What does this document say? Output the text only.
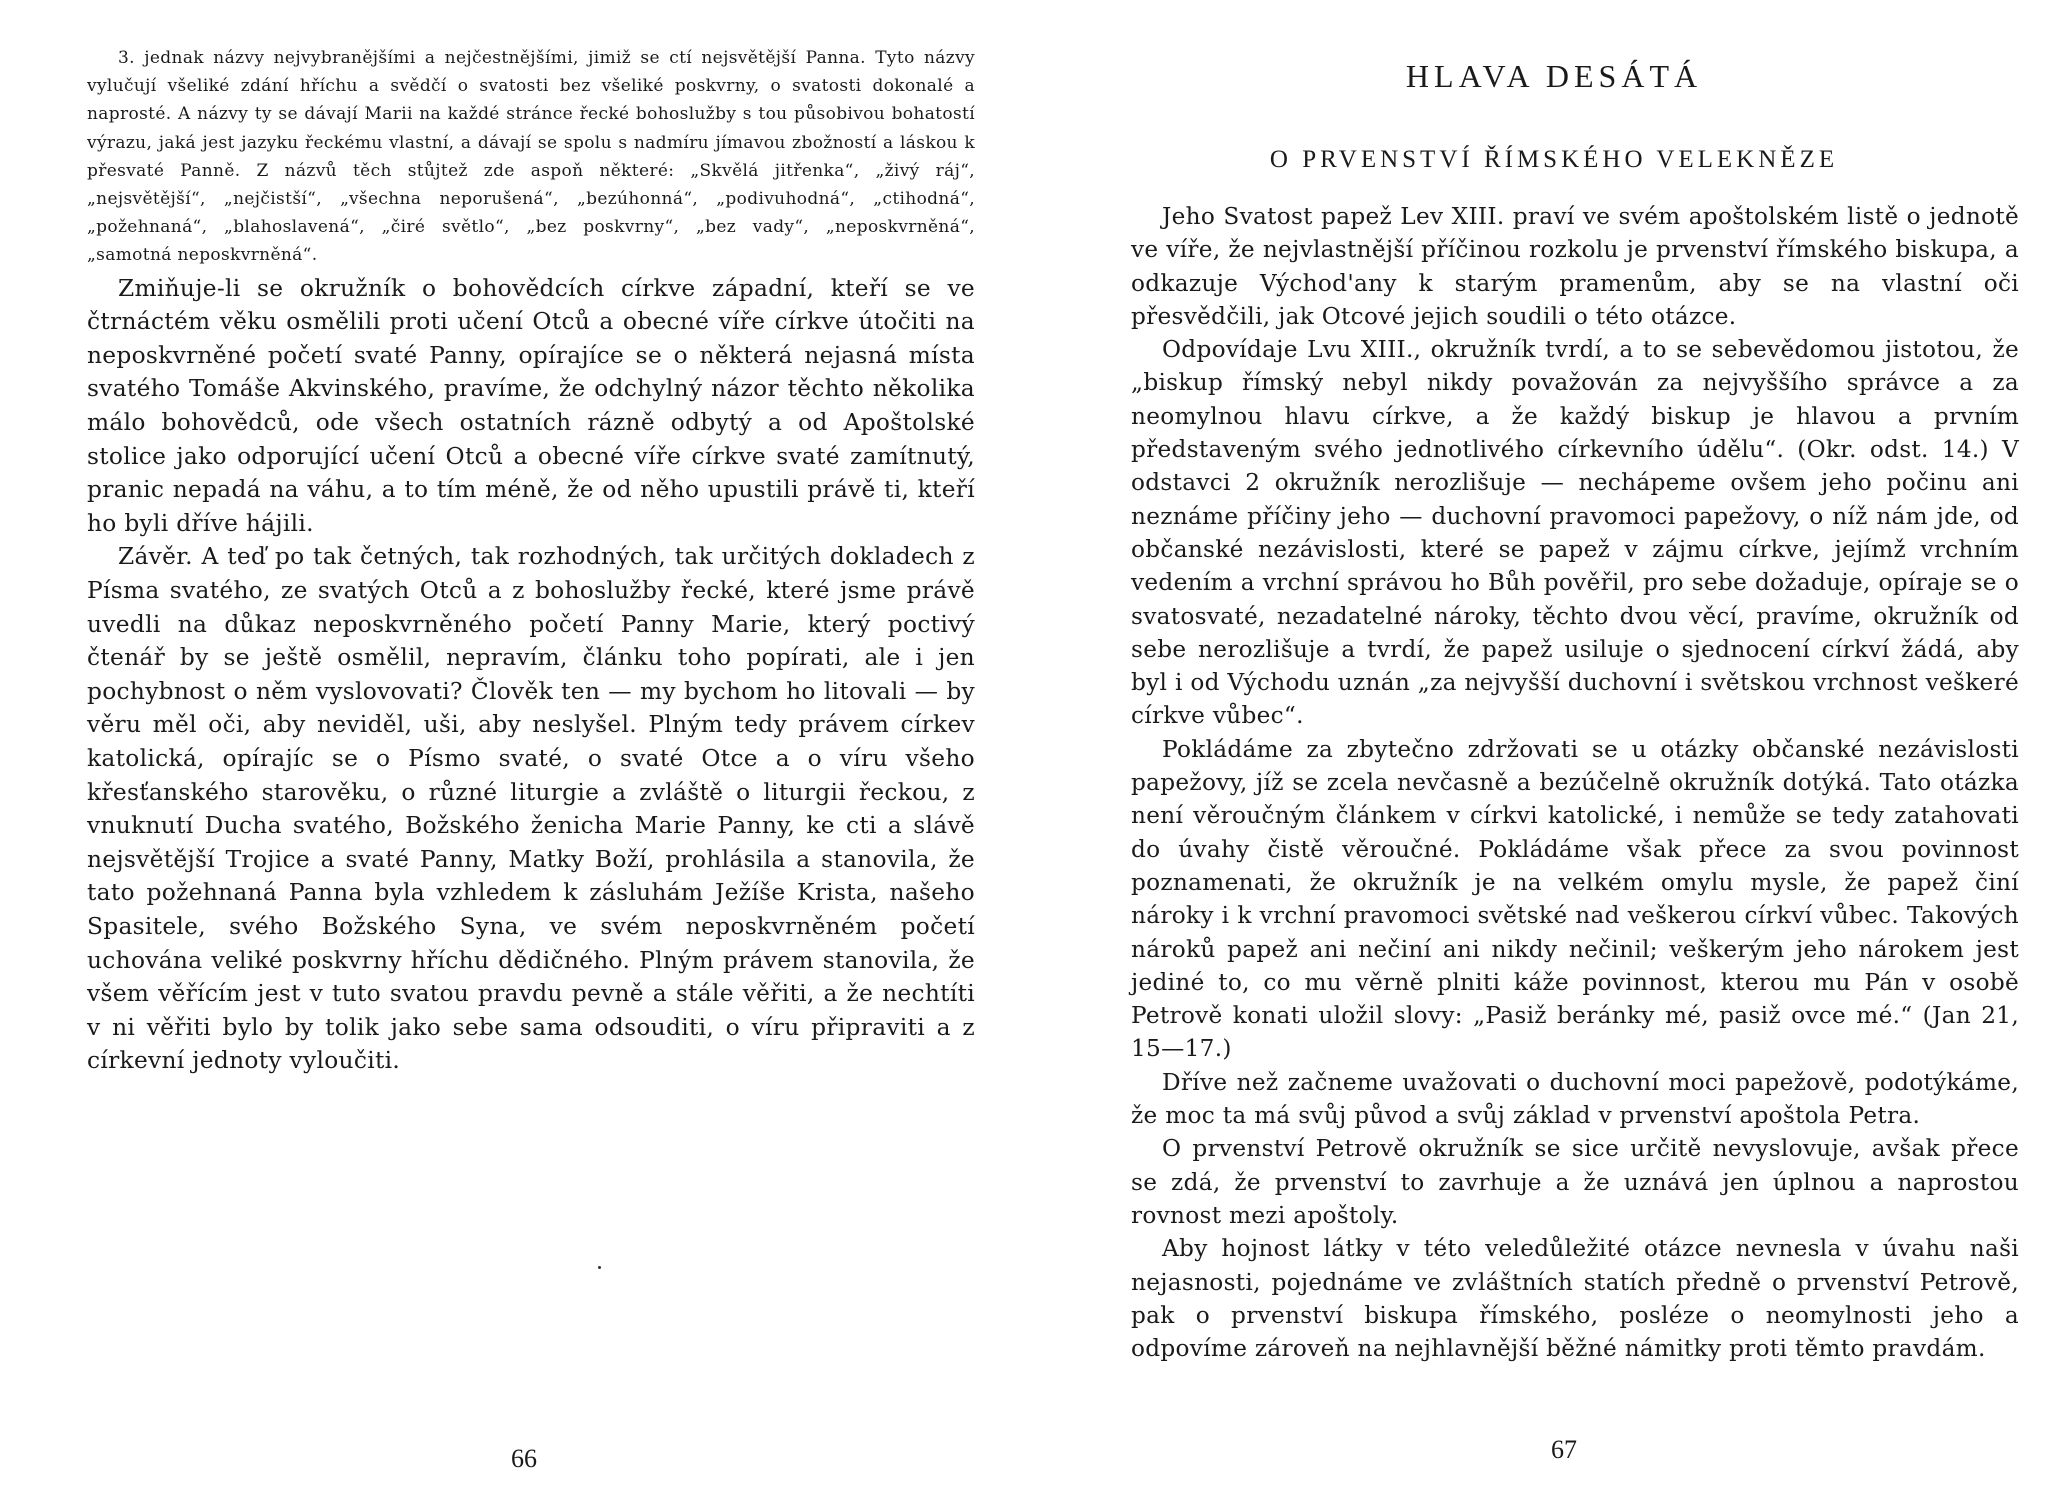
3. jednak názvy nejvybranějšími a nejčestnějšími, jimiž se ctí nejsvětější Panna. Tyto názvy vylučují všeliké zdání hříchu a svědčí o svatosti bez všeliké poskvrny, o svatosti dokonalé a naprosté. A názvy ty se dávají Marii na každé stránce řecké bohoslužby s tou působivou bohatostí výrazu, jaká jest jazyku řeckému vlastní, a dávají se spolu s nadmíru jímavou zbožností a láskou k přesvaté Panně. Z názvů těch stůjtež zde aspoň některé: „Skvělá jitřenka“, „živý ráj“, „nejsvětější“, „nejčistší“, „všechna neporušená“, „bezúhonná“, „podivuhodná“, „ctihodná“, „požehnaná“, „blahoslavená“, „čiré světlo“, „bez poskvrny“, „bez vady“, „neposkvrněná“, „samotná neposkvrněná“.

Zmiňuje-li se okružník o bohovědcích církve západní, kteří se ve čtrnáctém věku osmělili proti učení Otců a obecné víře církve útočiti na neposkvrněné početí svaté Panny, opírajíce se o některá nejasná místa svatého Tomáše Akvinského, pravíme, že odchylný názor těchto několika málo bohovědců, ode všech ostatních rázně odbytý a od Apoštolské stolice jako odporující učení Otců a obecné víře církve svaté zamítnutý, pranic nepadá na váhu, a to tím méně, že od něho upustili právě ti, kteří ho byli dříve hájili.

Závěr. A teď po tak četných, tak rozhodných, tak určitých dokladech z Písma svatého, ze svatých Otců a z bohoslužby řecké, které jsme právě uvedli na důkaz neposkvrněného početí Panny Marie, který poctivý čtenář by se ještě osmělil, nepravím, článku toho popírati, ale i jen pochybnost o něm vyslovovati? Člověk ten — my bychom ho litovali — by věru měl oči, aby neviděl, uši, aby neslyšel. Plným tedy právem církev katolická, opírajíc se o Písmo svaté, o svaté Otce a o víru všeho křesťanského starověku, o různé liturgie a zvláště o liturgii řeckou, z vnuknutí Ducha svatého, Božského ženicha Marie Panny, ke cti a slávě nejsvětější Trojice a svaté Panny, Matky Boží, prohlásila a stanovila, že tato požehnaná Panna byla vzhledem k zásluhám Ježíše Krista, našeho Spasitele, svého Božského Syna, ve svém neposkvrněném početí uchována veliké poskvrny hříchu dědičného. Plným právem stanovila, že všem věřícím jest v tuto svatou pravdu pevně a stále věřiti, a že nechtíti v ni věřiti bylo by tolik jako sebe sama odsouditi, o víru připraviti a z církevní jednoty vyloučiti.

66
HLAVA DESÁTÁ
O PRVENSTVÍ ŘÍMSKÉHO VELEKNĚZE

Jeho Svatost papež Lev XIII. praví ve svém apoštolském listě o jednotě ve víře, že nejvlastnější příčinou rozkolu je prvenství římského biskupa, a odkazuje Východ'any k starým pramenům, aby se na vlastní oči přesvědčili, jak Otcové jejich soudili o této otázce.

Odpovídaje Lvu XIII., okružník tvrdí, a to se sebevědomou jistotou, že „biskup římský nebyl nikdy považován za nejvyššího správce a za neomylnou hlavu církve, a že každý biskup je hlavou a prvním představeným svého jednotlivého církevního údělu“. (Okr. odst. 14.) V odstavci 2 okružník nerozlišuje — nechápeme ovšem jeho počinu ani neznáme příčiny jeho — duchovní pravomoci papežovy, o níž nám jde, od občanské nezávislosti, které se papež v zájmu církve, jejímž vrchním vedením a vrchní správou ho Bůh pověřil, pro sebe dožaduje, opíraje se o svatosvaté, nezadatelné nároky, těchto dvou věcí, pravíme, okružník od sebe nerozlišuje a tvrdí, že papež usiluje o sjednocení církví žádá, aby byl i od Východu uznán „za nejvyšší duchovní i světskou vrchnost veškeré církve vůbec“.

Pokládáme za zbytečno zdržovati se u otázky občanské nezávislosti papežovy, jíž se zcela nevčasně a bezúčelně okružník dotýká. Tato otázka není věroučným článkem v církvi katolické, i nemůže se tedy zatahovati do úvahy čistě věroučné. Pokládáme však přece za svou povinnost poznamenati, že okružník je na velkém omylu mysle, že papež činí nároky i k vrchní pravomoci světské nad veškerou církví vůbec. Takových nároků papež ani nečiní ani nikdy nečinil; veškerým jeho nárokem jest jediné to, co mu věrně plniti káže povinnost, kterou mu Pán v osobě Petrově konati uložil slovy: „Pasiž beránky mé, pasiž ovce mé.“ (Jan 21, 15—17.)

Dříve než začneme uvažovati o duchovní moci papežově, podotýkáme, že moc ta má svůj původ a svůj základ v prvenství apoštola Petra.

O prvenství Petrově okružník se sice určitě nevyslovuje, avšak přece se zdá, že prvenství to zavrhuje a že uznává jen úplnou a naprostou rovnost mezi apoštoly.

Aby hojnost látky v této veledůležité otázce nevnesla v úvahu naši nejasnosti, pojednáme ve zvláštních statích předně o prvenství Petrově, pak o prvenství biskupa římského, posléze o neomylnosti jeho a odpovíme zároveň na nejhlavnější běžné námitky proti těmto pravdám.

67
